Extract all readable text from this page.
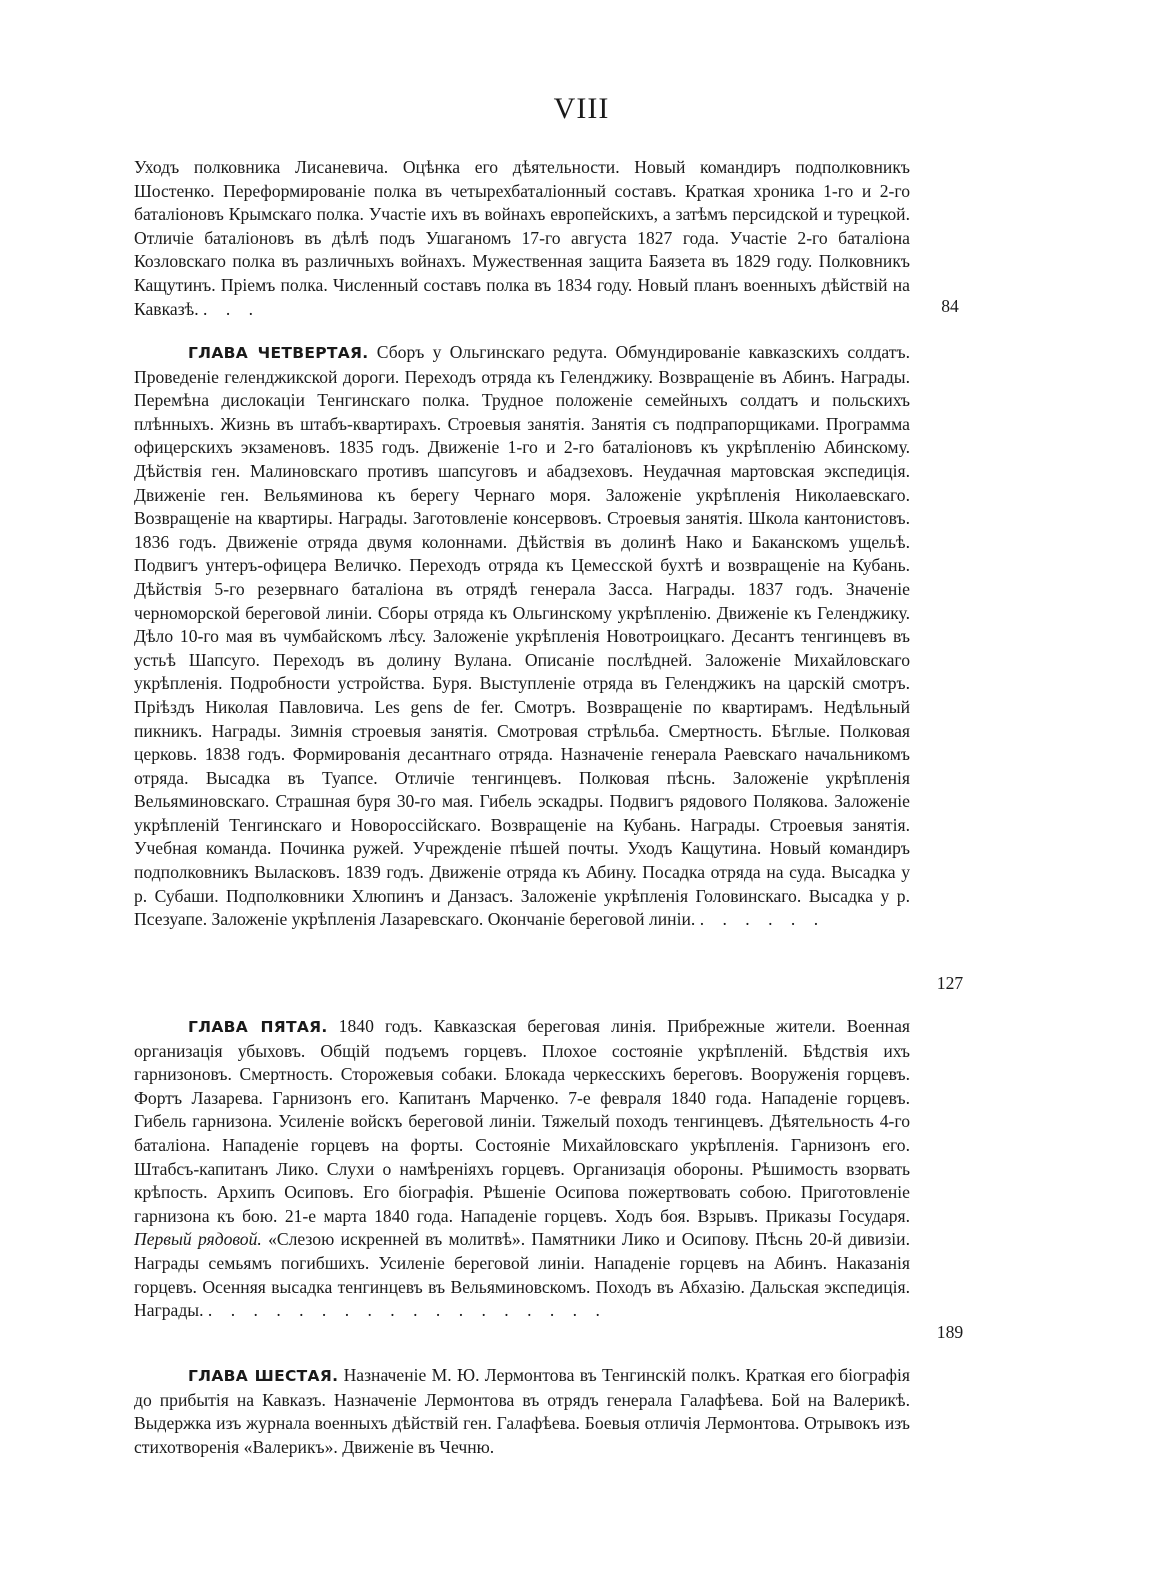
VIII

Уходъ полковника Лисаневича. Оцѣнка его дѣятельности. Новый командиръ подполковникъ Шостенко. Переформированіе полка въ четырехбаталіонный составъ. Краткая хроника 1-го и 2-го баталіоновъ Крымскаго полка. Участіе ихъ въ войнахъ европейскихъ, а затѣмъ персидской и турецкой. Отличіе баталіоновъ въ дѣлѣ подъ Ушаганомъ 17-го августа 1827 года. Участіе 2-го баталіона Козловскаго полка въ различныхъ войнахъ. Мужественная защита Баязета въ 1829 году. Полковникъ Кащутинъ. Пріемъ полка. Численный составъ полка въ 1834 году. Новый планъ военныхъ дѣйствій на Кавказѣ. . . .	84

ГЛАВА ЧЕТВЕРТАЯ. Сборъ у Ольгинскаго редута. Обмундированіе кавказскихъ солдатъ. Проведеніе геленджикской дороги. Переходъ отряда къ Геленджику. Возвращеніе въ Абинъ. Награды. Перемѣна дислокаціи Тенгинскаго полка. Трудное положеніе семейныхъ солдатъ и польскихъ плѣнныхъ. Жизнь въ штабъ-квартирахъ. Строевыя занятія. Занятія съ подпрапорщиками. Программа офицерскихъ экзаменовъ. 1835 годъ. Движеніе 1-го и 2-го баталіоновъ къ укрѣпленію Абинскому. Дѣйствія ген. Малиновскаго противъ шапсуговъ и абадзеховъ. Неудачная мартовская экспедиція. Движеніе ген. Вельяминова къ берегу Чернаго моря. Заложеніе укрѣпленія Николаевскаго. Возвращеніе на квартиры. Награды. Заготовленіе консервовъ. Строевыя занятія. Школа кантонистовъ. 1836 годъ. Движеніе отряда двумя колоннами. Дѣйствія въ долинѣ Нако и Баканскомъ ущельѣ. Подвигъ унтеръ-офицера Величко. Переходъ отряда къ Цемесской бухтѣ и возвращеніе на Кубань. Дѣйствія 5-го резервнаго баталіона въ отрядѣ генерала Засса. Награды. 1837 годъ. Значеніе черноморской береговой линіи. Сборы отряда къ Ольгинскому укрѣпленію. Движеніе къ Геленджику. Дѣло 10-го мая въ чумбайскомъ лѣсу. Заложеніе укрѣпленія Новотроицкаго. Десантъ тенгинцевъ въ устьѣ Шапсуго. Переходъ въ долину Вулана. Описаніе послѣдней. Заложеніе Михайловскаго укрѣпленія. Подробности устройства. Буря. Выступленіе отряда въ Геленджикъ на царскій смотръ. Пріѣздъ Николая Павловича. Les gens de fer. Смотръ. Возвращеніе по квартирамъ. Недѣльный пикникъ. Награды. Зимнія строевыя занятія. Смотровая стрѣльба. Смертность. Бѣглые. Полковая церковь. 1838 годъ. Формированія десантнаго отряда. Назначеніе генерала Раевскаго начальникомъ отряда. Высадка въ Туапсе. Отличіе тенгинцевъ. Полковая пѣснь. Заложеніе укрѣпленія Вельяминовскаго. Страшная буря 30-го мая. Гибель эскадры. Подвигъ рядового Полякова. Заложеніе укрѣпленій Тенгинскаго и Новороссійскаго. Возвращеніе на Кубань. Награды. Строевыя занятія. Учебная команда. Починка ружей. Учрежденіе пѣшей почты. Уходъ Кащутина. Новый командиръ подполковникъ Выласковъ. 1839 годъ. Движеніе отряда къ Абину. Посадка отряда на суда. Высадка у р. Субаши. Подполковники Хлюпинъ и Данзасъ. Заложеніе укрѣпленія Головинскаго. Высадка у р. Псезуапе. Заложеніе укрѣпленія Лазаревскаго. Окончаніе береговой линіи. . . . . . .

127

ГЛАВА ПЯТАЯ. 1840 годъ. Кавказская береговая линія. Прибрежные жители. Военная организація убыховъ. Общій подъемъ горцевъ. Плохое состояніе укрѣпленій. Бѣдствія ихъ гарнизоновъ. Смертность. Сторожевыя собаки. Блокада черкесскихъ береговъ. Вооруженія горцевъ. Фортъ Лазарева. Гарнизонъ его. Капитанъ Марченко. 7-е февраля 1840 года. Нападеніе горцевъ. Гибель гарнизона. Усиленіе войскъ береговой линіи. Тяжелый походъ тенгинцевъ. Дѣятельность 4-го баталіона. Нападеніе горцевъ на форты. Состояніе Михайловскаго укрѣпленія. Гарнизонъ его. Штабсъ-капитанъ Лико. Слухи о намѣреніяхъ горцевъ. Организація обороны. Рѣшимость взорвать крѣпость. Архипъ Осиповъ. Его біографія. Рѣшеніе Осипова пожертвовать собою. Приготовленіе гарнизона къ бою. 21-е марта 1840 года. Нападеніе горцевъ. Ходъ боя. Взрывъ. Приказы Государя. Первый рядовой. «Слезою искренней въ молитвѣ». Памятники Лико и Осипову. Пѣснь 20-й дивизіи. Награды семьямъ погибшихъ. Усиленіе береговой линіи. Нападеніе горцевъ на Абинъ. Наказанія горцевъ. Осенняя высадка тенгинцевъ въ Вельяминовскомъ. Походъ въ Абхазію. Дальская экспедиція. Награды. . . . . . . . . . . . . . . . . . .

189

ГЛАВА ШЕСТАЯ. Назначеніе М. Ю. Лермонтова въ Тенгинскій полкъ. Краткая его біографія до прибытія на Кавказъ. Назначеніе Лермонтова въ отрядъ генерала Галафѣева. Бой на Валерикѣ. Выдержка изъ журнала военныхъ дѣйствій ген. Галафѣева. Боевыя отличія Лермонтова. Отрывокъ изъ стихотворенія «Валерикъ». Движеніе въ Чечню.
